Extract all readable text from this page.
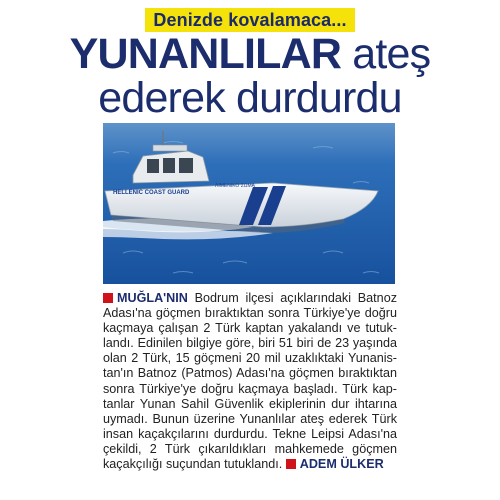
Denizde kovalamaca...
YUNANLILAR ateş
ederek durdurdu
HELLENIC COAST GUARD
ΛΙΜΕΝΙΚΟ ΣΩΜΑ
MUĞLA'NIN Bodrum ilçesi açıklarındaki Batnoz
Adası'na göçmen bıraktıktan sonra Türkiye'ye doğru
kaçmaya çalışan 2 Türk kaptan yakalandı ve tutuk-
landı. Edinilen bilgiye göre, biri 51 biri de 23 yaşında
olan 2 Türk, 15 göçmeni 20 mil uzaklıktaki Yunanis-
tan'ın Batnoz (Patmos) Adası'na göçmen bıraktıktan
sonra Türkiye'ye doğru kaçmaya başladı. Türk kap-
tanlar Yunan Sahil Güvenlik ekiplerinin dur ihtarına
uymadı. Bunun üzerine Yunanlılar ateş ederek Türk
insan kaçakçılarını durdurdu. Tekne Leipsi Adası'na
çekildi, 2 Türk çıkarıldıkları mahkemede göçmen
kaçakçılığı suçundan tutuklandı. ADEM ÜLKER
